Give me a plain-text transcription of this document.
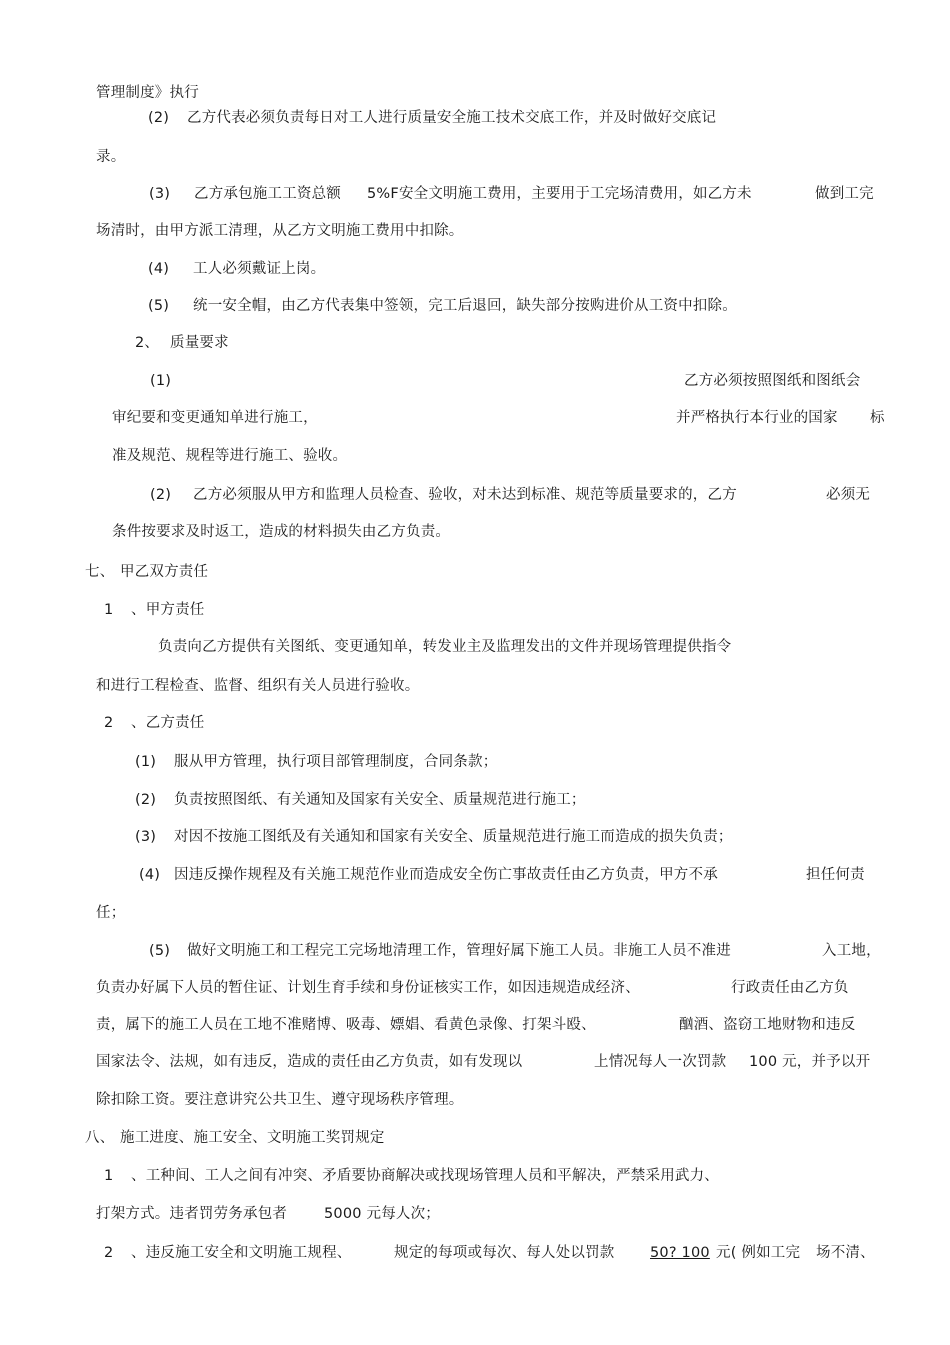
管理制度》执行
(2) 乙方代表必须负责每日对工人进行质量安全施工技术交底工作，并及时做好交底记
录。
(3) 乙方承包施工工资总额 5%F安全文明施工费用，主要用于工完场清费用，如乙方未	做到工完
场清时，由甲方派工清理，从乙方文明施工费用中扣除。
(4) 工人必须戴证上岗。
(5) 统一安全帽，由乙方代表集中签领，完工后退回，缺失部分按购进价从工资中扣除。
2、 质量要求
(1)	乙方必须按照图纸和图纸会
审纪要和变更通知单进行施工，	并严格执行本行业的国家 标
准及规范、规程等进行施工、验收。
(2) 乙方必须服从甲方和监理人员检查、验收，对未达到标准、规范等质量要求的，乙方	必须无
条件按要求及时返工，造成的材料损失由乙方负责。
七、 甲乙双方责任
1 、甲方责任
负责向乙方提供有关图纸、变更通知单，转发业主及监理发出的文件并现场管理提供指令
和进行工程检查、监督、组织有关人员进行验收。
2 、乙方责任
(1) 服从甲方管理，执行项目部管理制度，合同条款；
(2) 负责按照图纸、有关通知及国家有关安全、质量规范进行施工；
(3) 对因不按施工图纸及有关通知和国家有关安全、质量规范进行施工而造成的损失负责；
(4) 因违反操作规程及有关施工规范作业而造成安全伤亡事故责任由乙方负责，甲方不承	担任何责
任；
(5) 做好文明施工和工程完工完场地清理工作，管理好属下施工人员。非施工人员不准进	入工地，
负责办好属下人员的暂住证、计划生育手续和身份证核实工作，如因违规造成经济、	行政责任由乙方负
责，属下的施工人员在工地不准赌博、吸毒、嫖娼、看黄色录像、打架斗殴、	酗酒、盗窃工地财物和违反
国家法令、法规，如有违反，造成的责任由乙方负责，如有发现以	上情况每人一次罚款 100 元，并予以开
除扣除工资。要注意讲究公共卫生、遵守现场秩序管理。
八、 施工进度、施工安全、文明施工奖罚规定
1 、工种间、工人之间有冲突、矛盾要协商解决或找现场管理人员和平解决，严禁采用武力、
打架方式。违者罚劳务承包者	5000 元每人次；
2 、违反施工安全和文明施工规程、	规定的每项或每次、每人处以罚款 50? 100 元( 例如工完 场不清、
